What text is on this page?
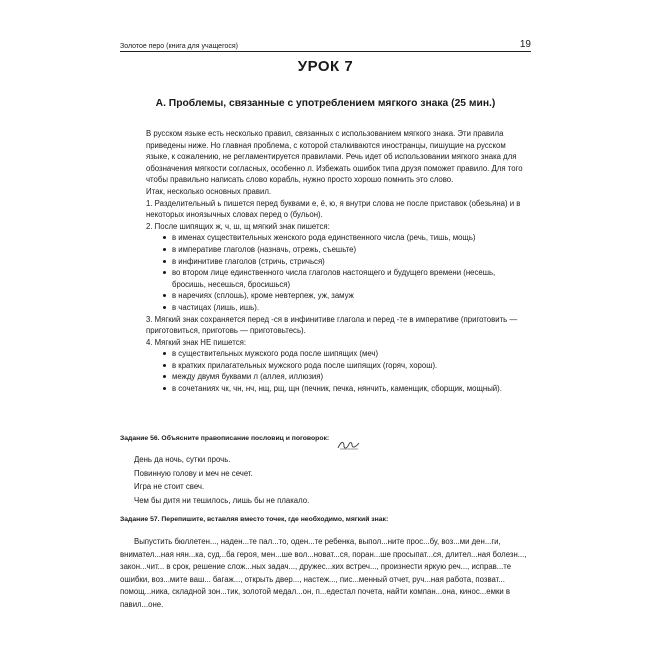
Золотое перо (книга для учащегося)	19
УРОК 7
А. Проблемы, связанные с употреблением мягкого знака (25 мин.)

В русском языке есть несколько правил, связанных с использованием мягкого знака. Эти правила приведены ниже. Но главная проблема, с которой сталкиваются иностранцы, пишущие на русском языке, к сожалению, не регламентируется правилами. Речь идет об использовании мягкого знака для обозначения мягкости согласных, особенно л. Избежать ошибок типа друзя поможет правило. Для того чтобы правильно написать слово корабль, нужно просто хорошо помнить это слово.

Итак, несколько основных правил.

1. Разделительный ь пишется перед буквами е, ё, ю, я внутри слова не после приставок (обезьяна) и в некоторых иноязычных словах перед о (бульон).

2. После шипящих ж, ч, ш, щ мягкий знак пишется:

в именах существительных женского рода единственного числа (речь, тишь, мощь)
в императиве глаголов (назначь, отрежь, съешьте)
в инфинитиве глаголов (стричь, стричься)
во втором лице единственного числа глаголов настоящего и будущего времени (несешь, бросишь, несешься, бросишься)
в наречиях (сплошь), кроме невтерпеж, уж, замуж
в частицах (лишь, ишь).

3. Мягкий знак сохраняется перед -ся в инфинитиве глагола и перед -те в императиве (приготовить — приготовиться, приготовь — приготовьтесь).

4. Мягкий знак НЕ пишется:

в существительных мужского рода после шипящих (меч)
в кратких прилагательных мужского рода после шипящих (горяч, хорош).
между двумя буквами л (аллея, иллюзия)
в сочетаниях чк, чн, нч, нщ, рщ, щн (печник, печка, нянчить, каменщик, сборщик, мощный).
Задание 56. Объясните правописание пословиц и поговорок:
День да ночь, сутки прочь.
Повинную голову и меч не сечет.
Игра не стоит свеч.
Чем бы дитя ни тешилось, лишь бы не плакало.
Задание 57. Перепишите, вставляя вместо точек, где необходимо, мягкий знак:
Выпустить бюллетен..., наден...те пал...то, оден...те ребенка, выпол...ните прос...бу, воз...ми ден...ги, внимател...ная нян...ка, суд...ба героя, мен...ше вол...новат...ся, поран...ше просыпат...ся, длител...ная болезн..., закон...чит... в срок, решение слож...ных задач..., дружес...ких встреч..., произнести яркую реч..., исправ...те ошибки, воз...мите ваш... багаж..., открыть двер..., настеж..., пис...менный отчет, руч...ная работа, позват... помощ...ника, складной зон...тик, золотой медал...он, п...едестал почета, найти компан...она, кинос...емки в павил...оне.
